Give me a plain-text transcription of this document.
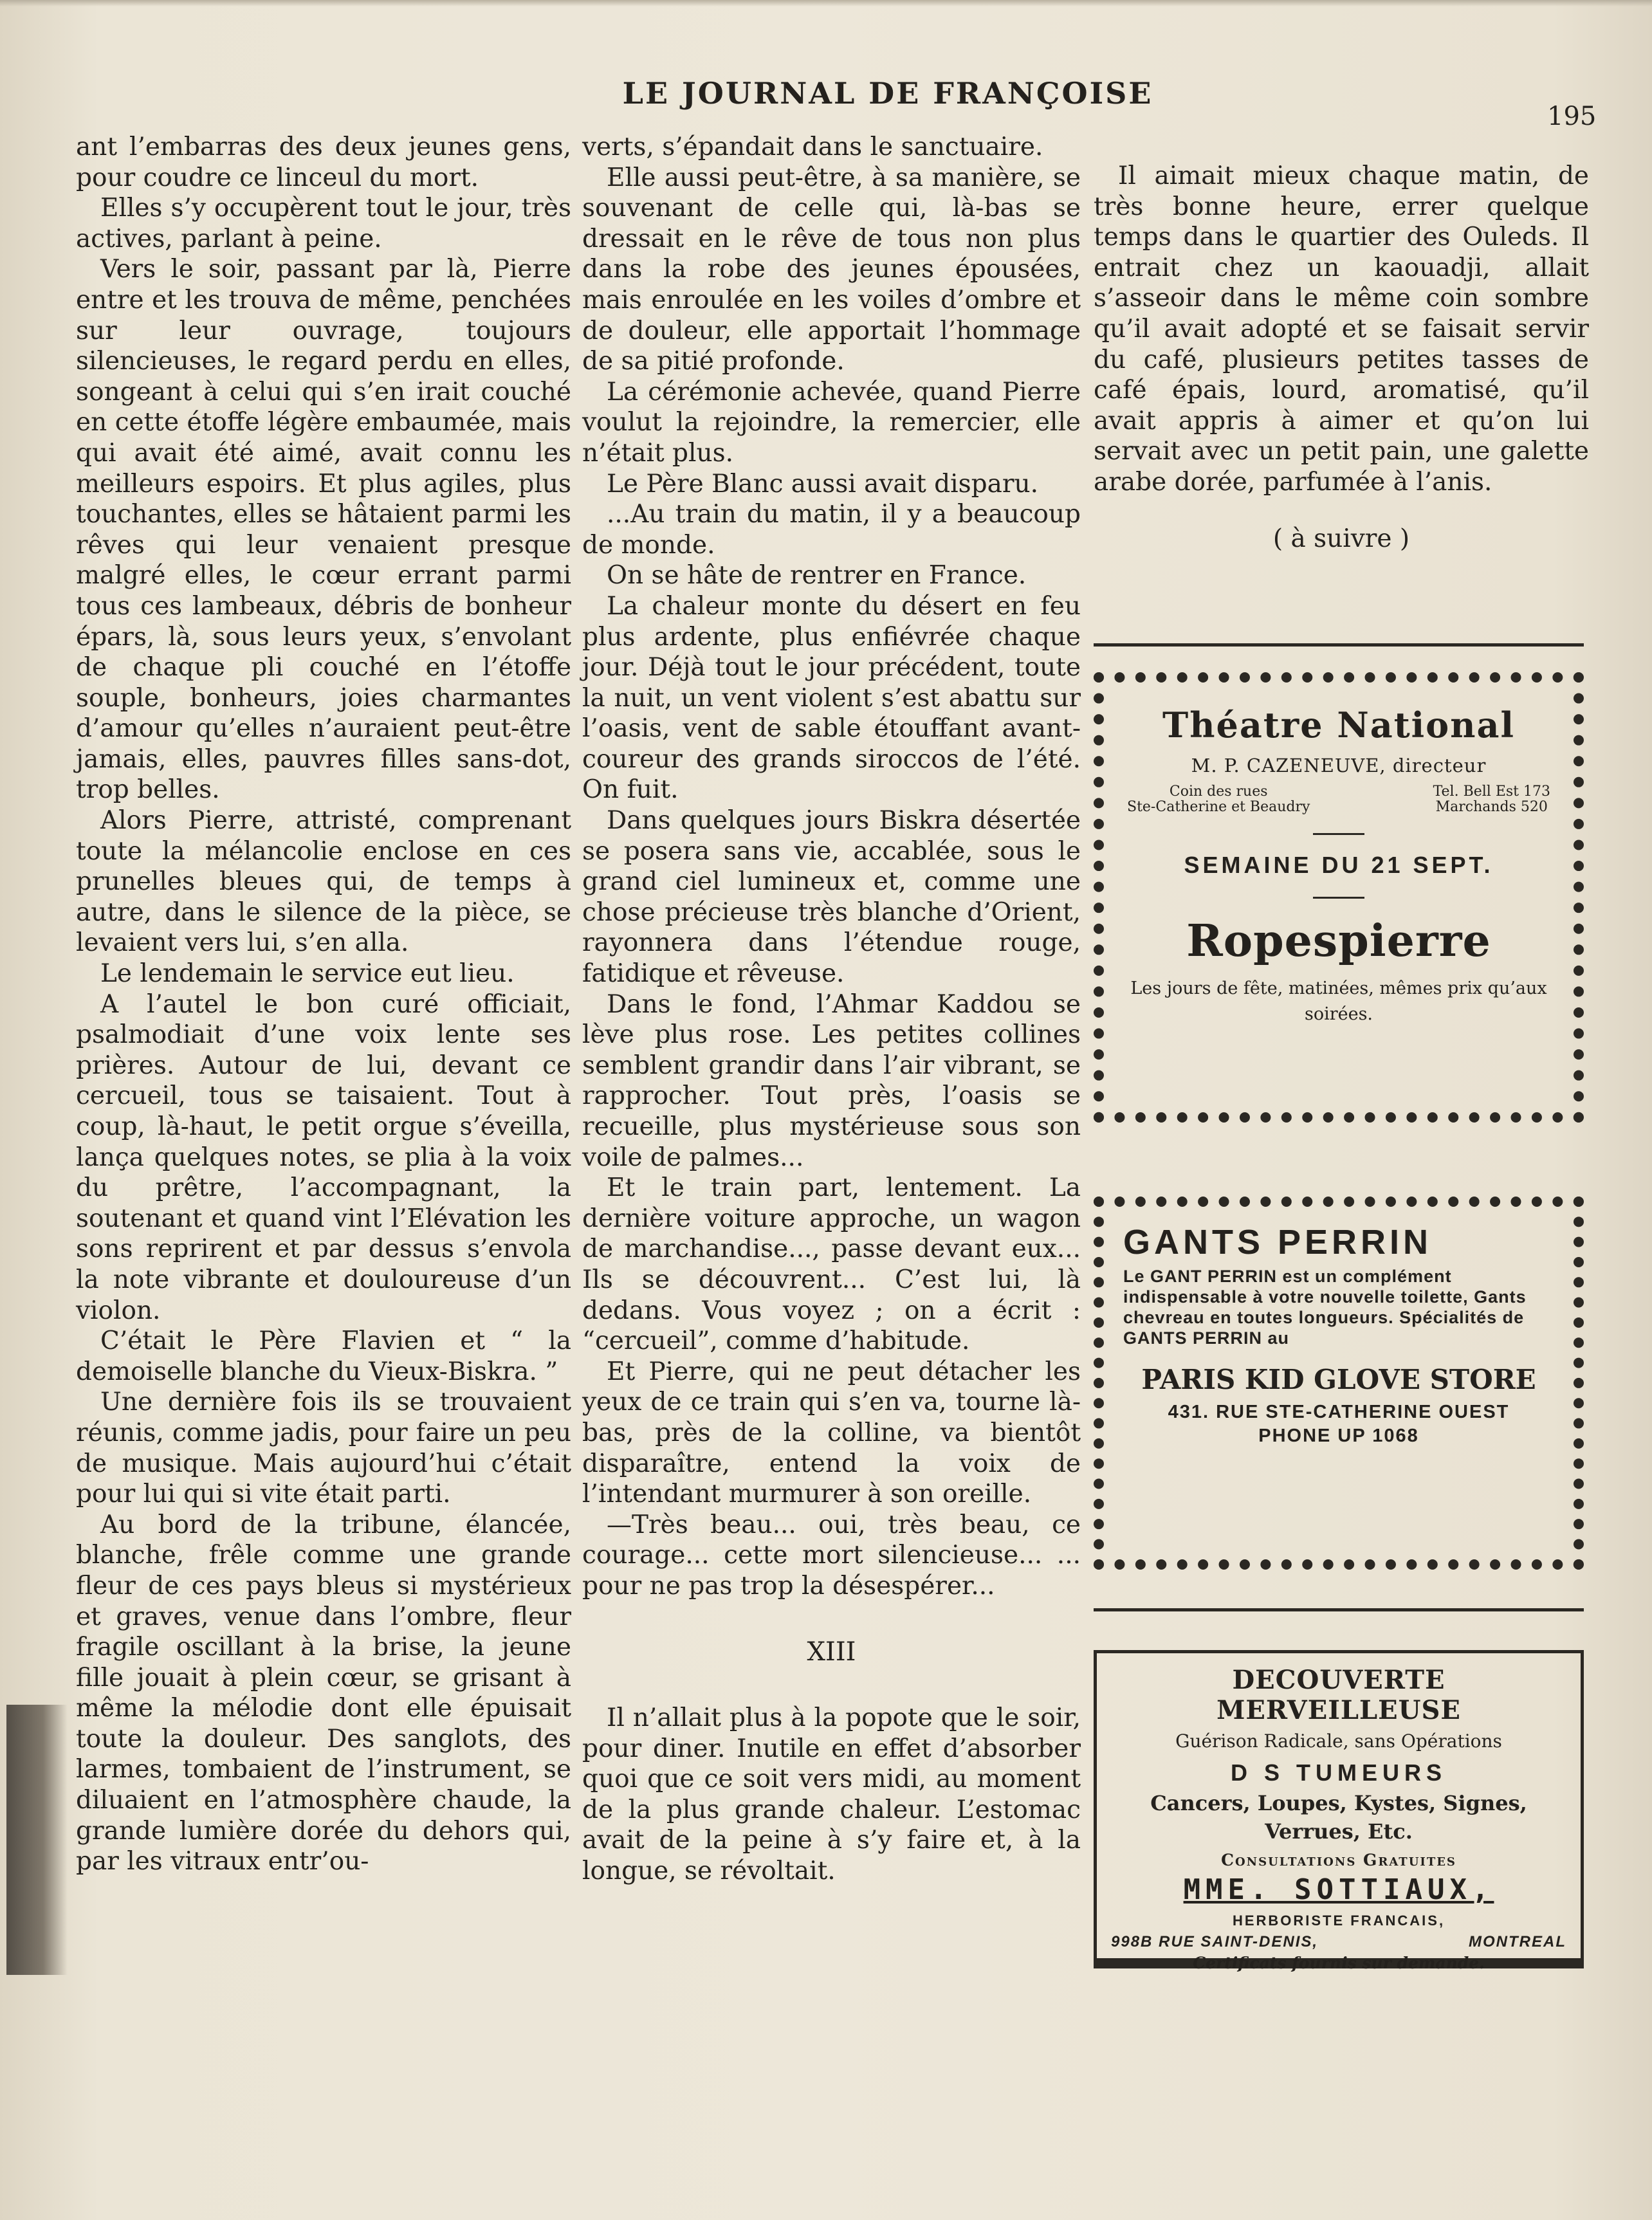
LE JOURNAL DE FRANÇOISE
195

ant l’embarras des deux jeunes gens, pour coudre ce linceul du mort.

Elles s’y occupèrent tout le jour, très actives, parlant à peine.

Vers le soir, passant par là, Pierre entre et les trouva de même, penchées sur leur ouvrage, toujours silencieuses, le regard perdu en elles, songeant à celui qui s’en irait couché en cette étoffe légère embaumée, mais qui avait été aimé, avait connu les meilleurs espoirs. Et plus agiles, plus touchantes, elles se hâtaient parmi les rêves qui leur venaient presque malgré elles, le cœur errant parmi tous ces lambeaux, débris de bonheur épars, là, sous leurs yeux, s’envolant de chaque pli couché en l’étoffe souple, bonheurs, joies charmantes d’amour qu’elles n’auraient peut-être jamais, elles, pauvres filles sans-dot, trop belles.

Alors Pierre, attristé, comprenant toute la mélancolie enclose en ces prunelles bleues qui, de temps à autre, dans le silence de la pièce, se levaient vers lui, s’en alla.

Le lendemain le service eut lieu.

A l’autel le bon curé officiait, psalmodiait d’une voix lente ses prières. Autour de lui, devant ce cercueil, tous se taisaient. Tout à coup, là-haut, le petit orgue s’éveilla, lança quelques notes, se plia à la voix du prêtre, l’accompagnant, la soutenant et quand vint l’Elévation les sons reprirent et par dessus s’envola la note vibrante et douloureuse d’un violon.

C’était le Père Flavien et “ la demoiselle blanche du Vieux-Biskra. ”

Une dernière fois ils se trouvaient réunis, comme jadis, pour faire un peu de musique. Mais aujourd’hui c’était pour lui qui si vite était parti.

Au bord de la tribune, élancée, blanche, frêle comme une grande fleur de ces pays bleus si mystérieux et graves, venue dans l’ombre, fleur fragile oscillant à la brise, la jeune fille jouait à plein cœur, se grisant à même la mélodie dont elle épuisait toute la douleur. Des sanglots, des larmes, tombaient de l’instrument, se diluaient en l’atmosphère chaude, la grande lumière dorée du dehors qui, par les vitraux entr’ou-

verts, s’épandait dans le sanctuaire.

Elle aussi peut-être, à sa manière, se souvenant de celle qui, là-bas se dressait en le rêve de tous non plus dans la robe des jeunes épousées, mais enroulée en les voiles d’ombre et de douleur, elle apportait l’hommage de sa pitié profonde.

La cérémonie achevée, quand Pierre voulut la rejoindre, la remercier, elle n’était plus.

Le Père Blanc aussi avait disparu.

...Au train du matin, il y a beaucoup de monde.

On se hâte de rentrer en France.

La chaleur monte du désert en feu plus ardente, plus enfiévrée chaque jour. Déjà tout le jour précédent, toute la nuit, un vent violent s’est abattu sur l’oasis, vent de sable étouffant avant-coureur des grands siroccos de l’été. On fuit.

Dans quelques jours Biskra désertée se posera sans vie, accablée, sous le grand ciel lumineux et, comme une chose précieuse très blanche d’Orient, rayonnera dans l’étendue rouge, fatidique et rêveuse.

Dans le fond, l’Ahmar Kaddou se lève plus rose. Les petites collines semblent grandir dans l’air vibrant, se rapprocher. Tout près, l’oasis se recueille, plus mystérieuse sous son voile de palmes...

Et le train part, lentement. La dernière voiture approche, un wagon de marchandise..., passe devant eux... Ils se découvrent... C’est lui, là dedans. Vous voyez ; on a écrit : “cercueil”, comme d’habitude.

Et Pierre, qui ne peut détacher les yeux de ce train qui s’en va, tourne là-bas, près de la colline, va bientôt disparaître, entend la voix de l’intendant murmurer à son oreille.

—Très beau... oui, très beau, ce courage... cette mort silencieuse... ... pour ne pas trop la désespérer...

XIII

Il n’allait plus à la popote que le soir, pour diner. Inutile en effet d’absorber quoi que ce soit vers midi, au moment de la plus grande chaleur. L’estomac avait de la peine à s’y faire et, à la longue, se révoltait.

Il aimait mieux chaque matin, de très bonne heure, errer quelque temps dans le quartier des Ouleds. Il entrait chez un kaouadji, allait s’asseoir dans le même coin sombre qu’il avait adopté et se faisait servir du café, plusieurs petites tasses de café épais, lourd, aromatisé, qu’il avait appris à aimer et qu’on lui servait avec un petit pain, une galette arabe dorée, parfumée à l’anis.

( à suivre )

Théatre National
M. P. CAZENEUVE, directeur
Coin des rues
Ste-Catherine et Beaudry
Tel. Bell Est 173
Marchands 520
SEMAINE DU 21 SEPT.
Ropespierre
Les jours de fête, matinées, mêmes prix qu’aux soirées.
GANTS PERRIN
Le GANT PERRIN est un complément indispensable à votre nouvelle toilette, Gants chevreau en toutes longueurs. Spécialités de GANTS PERRIN au
PARIS KID GLOVE STORE
431. RUE STE-CATHERINE OUEST
PHONE UP 1068
DECOUVERTE MERVEILLEUSE
Guérison Radicale, sans Opérations
D S TUMEURS
Cancers, Loupes, Kystes, Signes, Verrues, Etc.
Consultations Gratuites
MME. SOTTIAUX,
HERBORISTE FRANCAIS,
998B RUE SAINT-DENIS,	MONTREAL
Certificats fournis sur demande.
